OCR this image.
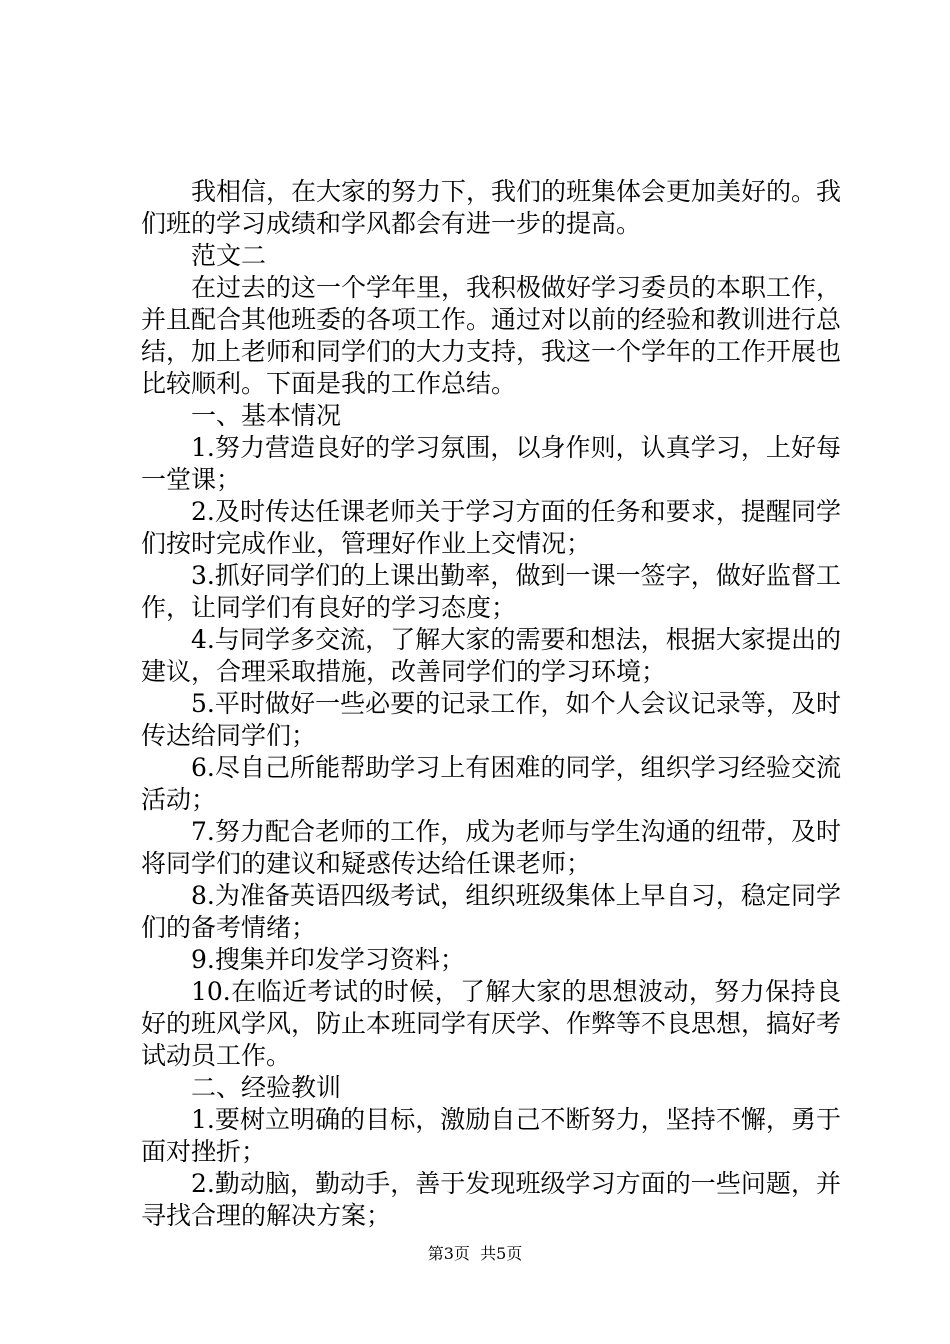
我相信，在大家的努力下，我们的班集体会更加美好的。我们班的学习成绩和学风都会有进一步的提高。

范文二

在过去的这一个学年里，我积极做好学习委员的本职工作，并且配合其他班委的各项工作。通过对以前的经验和教训进行总结，加上老师和同学们的大力支持，我这一个学年的工作开展也比较顺利。下面是我的工作总结。

一、基本情况

1.努力营造良好的学习氛围，以身作则，认真学习，上好每一堂课；

2.及时传达任课老师关于学习方面的任务和要求，提醒同学们按时完成作业，管理好作业上交情况；

3.抓好同学们的上课出勤率，做到一课一签字，做好监督工作，让同学们有良好的学习态度；

4.与同学多交流，了解大家的需要和想法，根据大家提出的建议，合理采取措施，改善同学们的学习环境；

5.平时做好一些必要的记录工作，如个人会议记录等，及时传达给同学们；

6.尽自己所能帮助学习上有困难的同学，组织学习经验交流活动；

7.努力配合老师的工作，成为老师与学生沟通的纽带，及时将同学们的建议和疑惑传达给任课老师；

8.为准备英语四级考试，组织班级集体上早自习，稳定同学们的备考情绪；

9.搜集并印发学习资料；

10.在临近考试的时候，了解大家的思想波动，努力保持良好的班风学风，防止本班同学有厌学、作弊等不良思想，搞好考试动员工作。

二、经验教训

1.要树立明确的目标，激励自己不断努力，坚持不懈，勇于面对挫折；

2.勤动脑，勤动手，善于发现班级学习方面的一些问题，并寻找合理的解决方案；

第3页  共5页
